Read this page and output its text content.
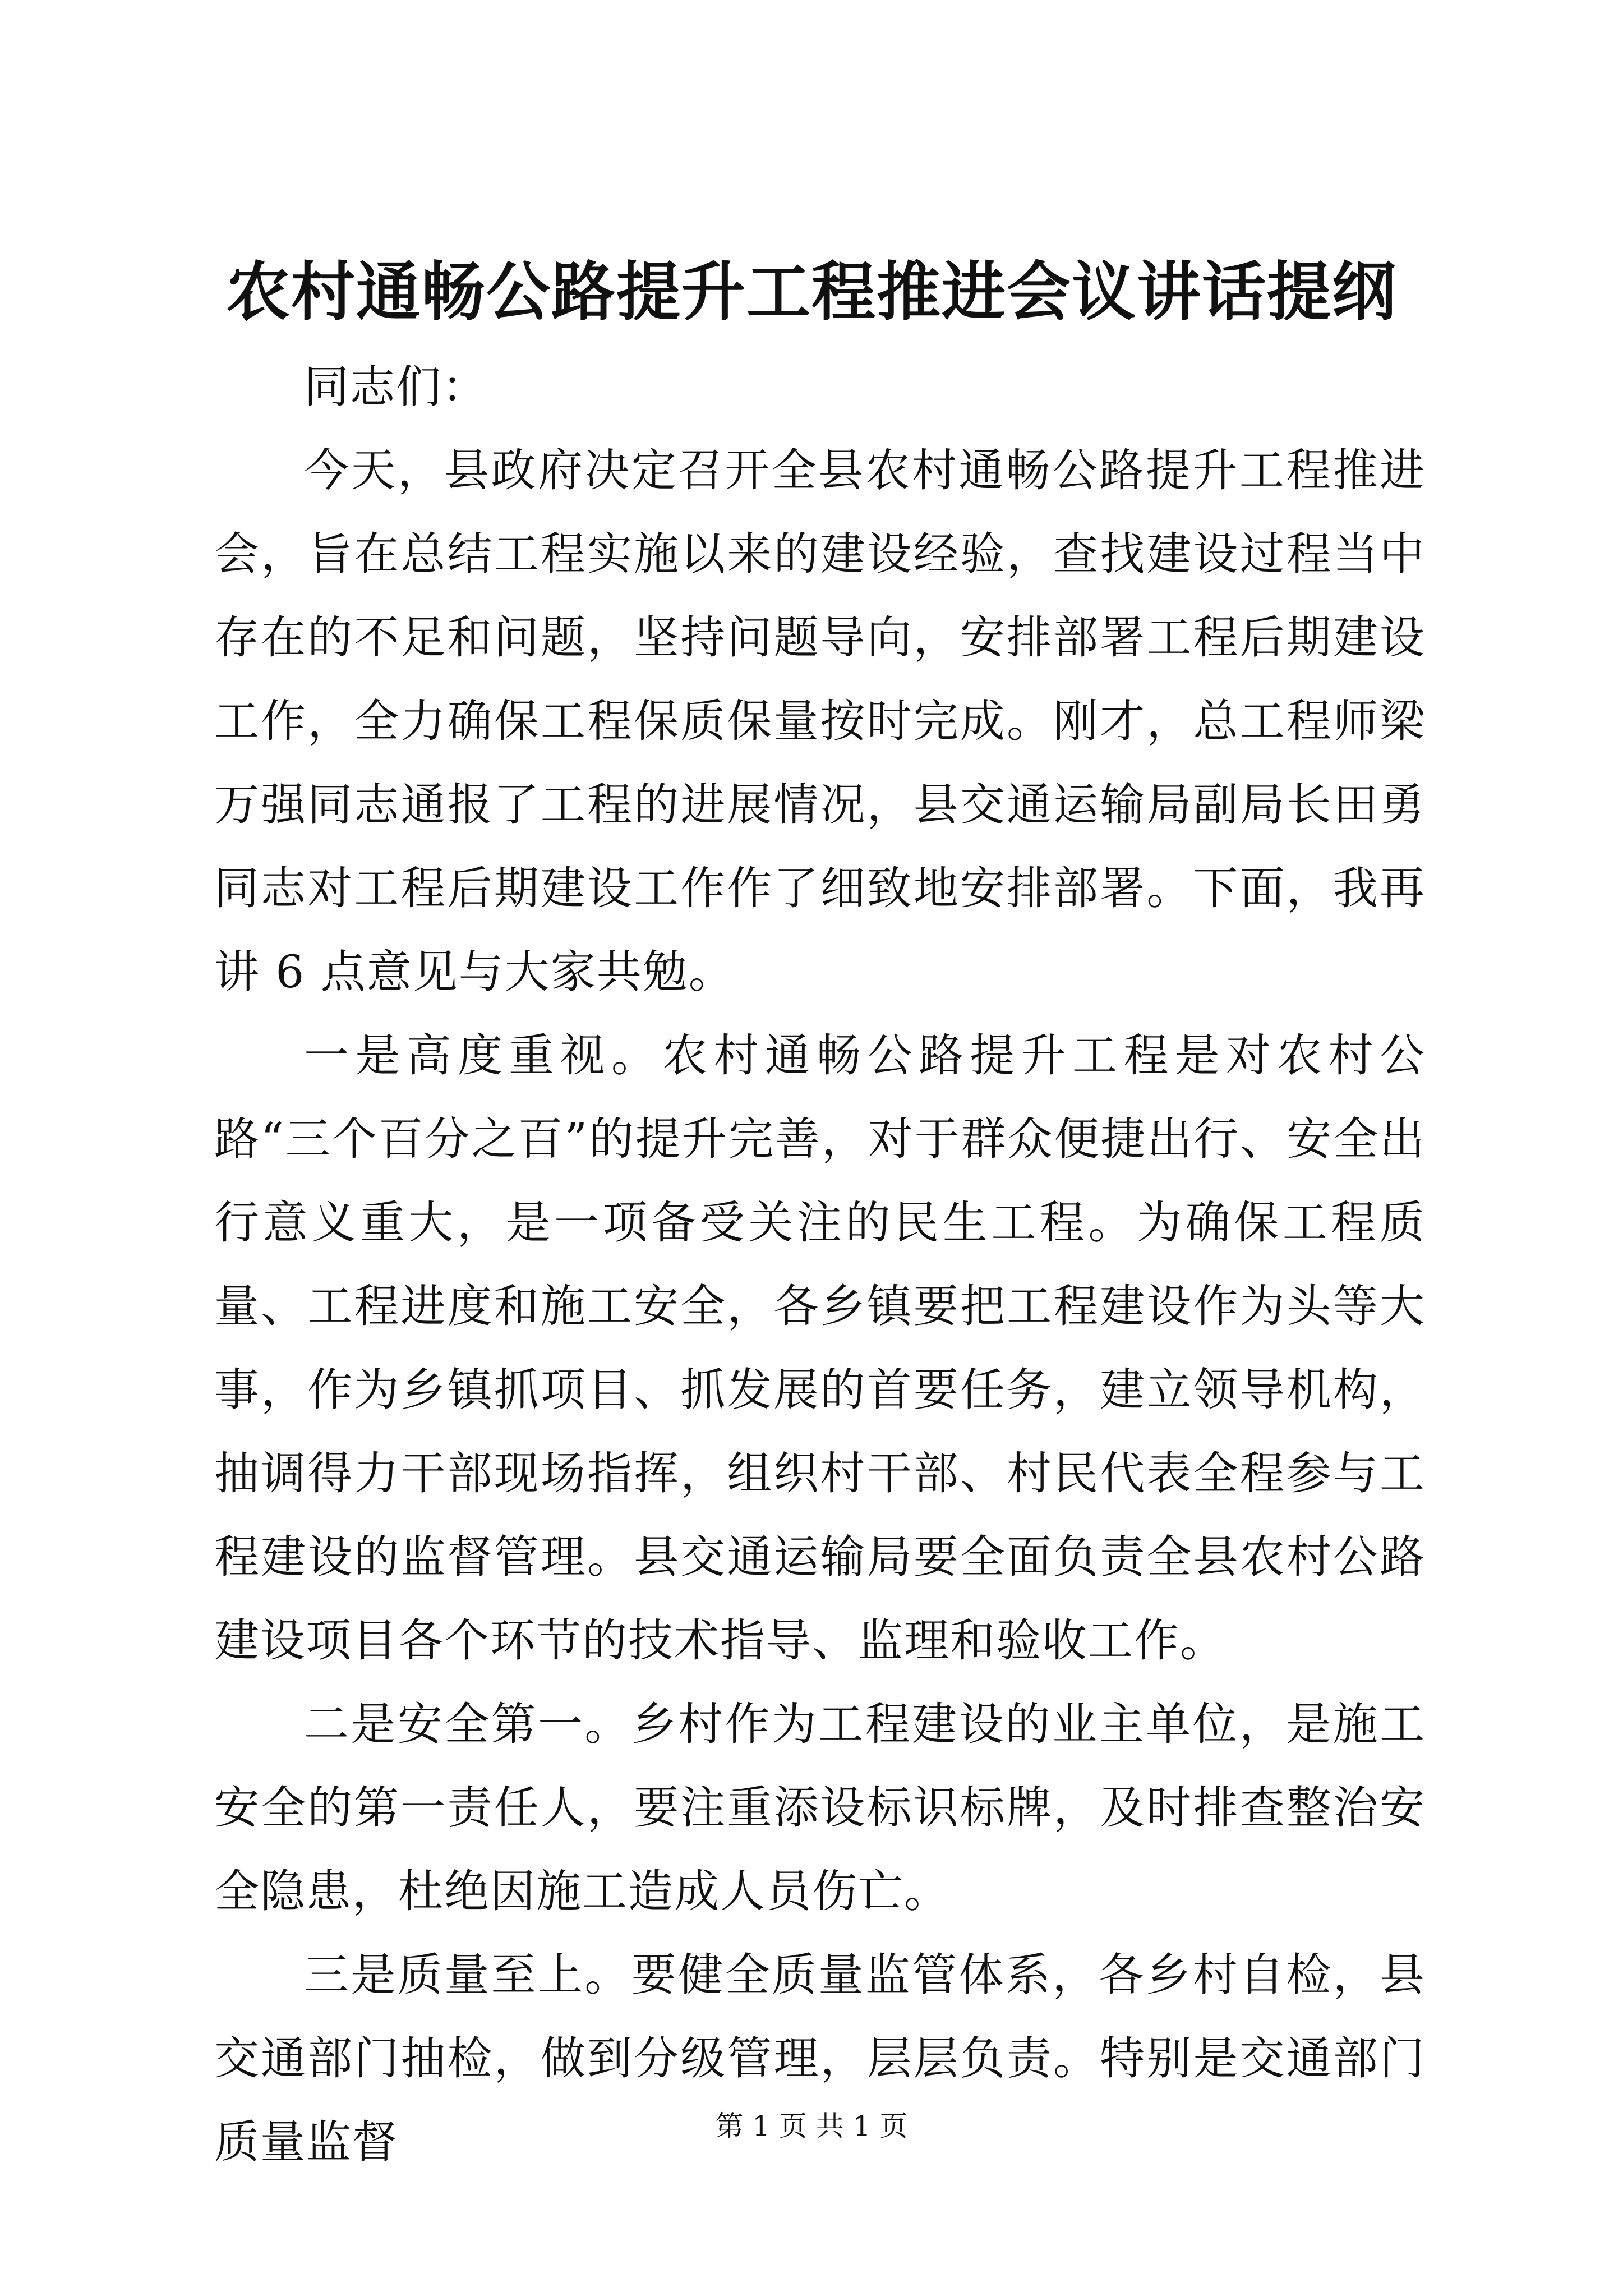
农村通畅公路提升工程推进会议讲话提纲

同志们：

今天，县政府决定召开全县农村通畅公路提升工程推进会，旨在总结工程实施以来的建设经验，查找建设过程当中存在的不足和问题，坚持问题导向，安排部署工程后期建设工作，全力确保工程保质保量按时完成。刚才，总工程师梁万强同志通报了工程的进展情况，县交通运输局副局长田勇同志对工程后期建设工作作了细致地安排部署。下面，我再讲 6 点意见与大家共勉。

一是高度重视。农村通畅公路提升工程是对农村公路“三个百分之百”的提升完善，对于群众便捷出行、安全出行意义重大，是一项备受关注的民生工程。为确保工程质量、工程进度和施工安全，各乡镇要把工程建设作为头等大事，作为乡镇抓项目、抓发展的首要任务，建立领导机构，抽调得力干部现场指挥，组织村干部、村民代表全程参与工程建设的监督管理。县交通运输局要全面负责全县农村公路建设项目各个环节的技术指导、监理和验收工作。

二是安全第一。乡村作为工程建设的业主单位，是施工安全的第一责任人，要注重添设标识标牌，及时排查整治安全隐患，杜绝因施工造成人员伤亡。

三是质量至上。要健全质量监管体系，各乡村自检，县交通部门抽检，做到分级管理，层层负责。特别是交通部门质量监督	第 1 页 共 1 页
